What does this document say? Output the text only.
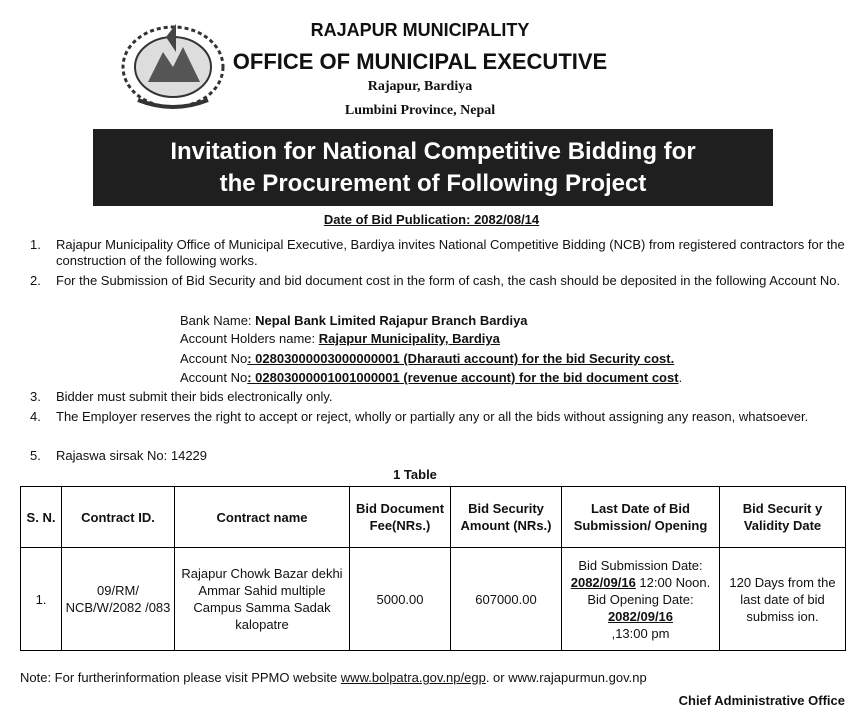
RAJAPUR MUNICIPALITY
OFFICE OF MUNICIPAL EXECUTIVE
Rajapur, Bardiya
Lumbini Province, Nepal
Invitation for National Competitive Bidding for
the Procurement of Following Project
Date of Bid Publication: 2082/08/14
1. Rajapur Municipality Office of Municipal Executive, Bardiya invites National Competitive Bidding (NCB) from registered contractors for the construction of the following works.
2. For the Submission of Bid Security and bid document cost in the form of cash, the cash should be deposited in the following Account No.
Bank Name: Nepal Bank Limited Rajapur Branch Bardiya
Account Holders name: Rajapur Municipality, Bardiya
Account No: 02803000003000000001 (Dharauti account) for the bid Security cost.
Account No: 02803000001001000001 (revenue account) for the bid document cost.
3. Bidder must submit their bids electronically only.
4. The Employer reserves the right to accept or reject, wholly or partially any or all the bids without assigning any reason, whatsoever.
5. Rajaswa sirsak No: 14229
1 Table
S. N.	Contract ID.	Contract name	Bid Document Fee(NRs.)	Bid Security Amount (NRs.)	Last Date of Bid Submission/ Opening	Bid Securit y Validity Date
1.	09/RM/ NCB/W/2082 /083	Rajapur Chowk Bazar dekhi Ammar Sahid multiple Campus Samma Sadak kalopatre	5000.00	607000.00	Bid Submission Date:
2082/09/16 12:00 Noon.
Bid Opening Date:
2082/09/16
,13:00 pm	120 Days from the last date of bid submiss ion.
Note: For furtherinformation please visit PPMO website www.bolpatra.gov.np/egp. or www.rajapurmun.gov.np
Chief Administrative Office
